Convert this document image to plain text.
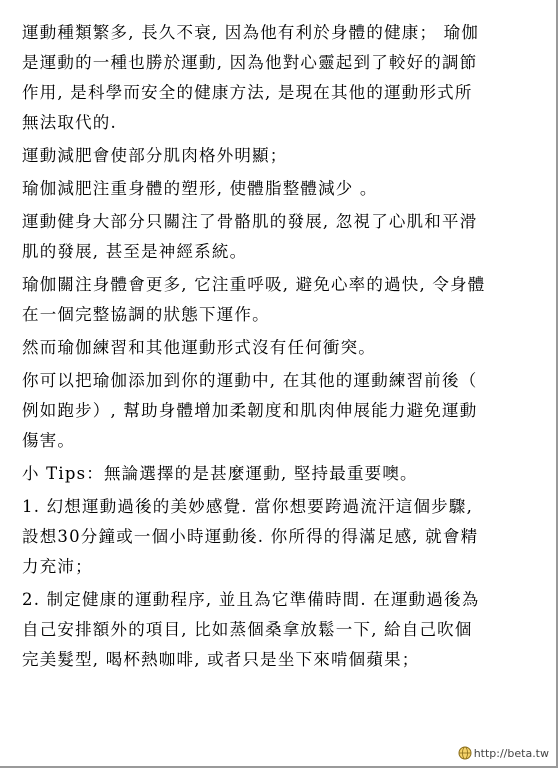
運動種類繁多, 長久不衰, 因為他有利於身體的健康； 瑜伽
是運動的一種也勝於運動, 因為他對心靈起到了較好的調節
作用, 是科學而安全的健康方法, 是現在其他的運動形式所
無法取代的.
運動減肥會使部分肌肉格外明顯；
瑜伽減肥注重身體的塑形, 使體脂整體減少 。
運動健身大部分只關注了骨骼肌的發展, 忽視了心肌和平滑
肌的發展, 甚至是神經系統。
瑜伽關注身體會更多, 它注重呼吸, 避免心率的過快, 令身體
在一個完整協調的狀態下運作。
然而瑜伽練習和其他運動形式沒有任何衝突。
你可以把瑜伽添加到你的運動中, 在其他的運動練習前後（
例如跑步）, 幫助身體增加柔韌度和肌肉伸展能力避免運動
傷害。
小 Tips：無論選擇的是甚麼運動, 堅持最重要噢。
1. 幻想運動過後的美妙感覺. 當你想要跨過流汗這個步驟,
設想30分鐘或一個小時運動後. 你所得的得滿足感, 就會精
力充沛；
2. 制定健康的運動程序, 並且為它準備時間. 在運動過後為
自己安排額外的項目, 比如蒸個桑拿放鬆一下, 給自己吹個
完美髮型, 喝杯熱咖啡, 或者只是坐下來啃個蘋果；
http://beta.tw
